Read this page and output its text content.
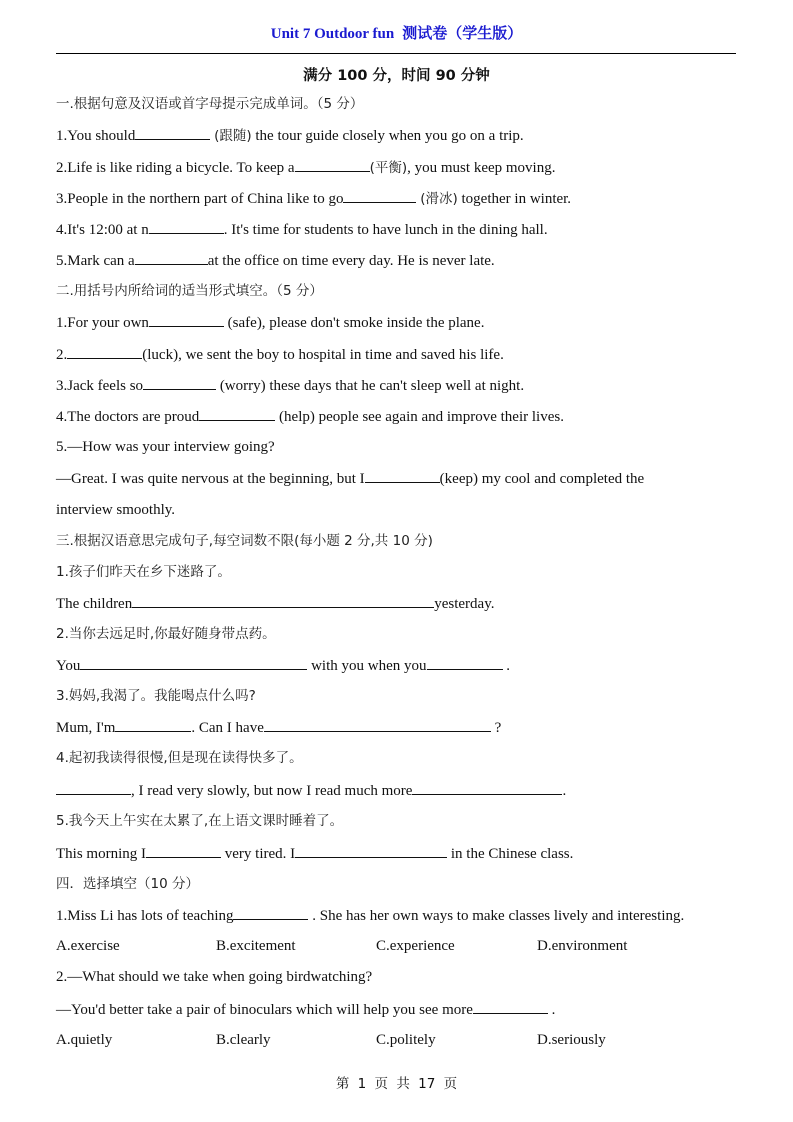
Unit 7 Outdoor fun 测试卷（学生版）
满分 100 分，时间 90 分钟
一.根据句意及汉语或首字母提示完成单词。（5 分）
1.You should	(跟随) the tour guide closely when you go on a trip.
2.Life is like riding a bicycle. To keep a	(平衡), you must keep moving.
3.People in the northern part of China like to go	(滑冰) together in winter.
4.It's 12:00 at n	. It's time for students to have lunch in the dining hall.
5.Mark can a	at the office on time every day. He is never late.
二.用括号内所给词的适当形式填空。（5 分）
1.For your own	(safe), please don't smoke inside the plane.
2.	(luck), we sent the boy to hospital in time and saved his life.
3.Jack feels so	(worry) these days that he can't sleep well at night.
4.The doctors are proud	(help) people see again and improve their lives.
5.—How was your interview going?
—Great. I was quite nervous at the beginning, but I	(keep) my cool and completed the
interview smoothly.
三.根据汉语意思完成句子,每空词数不限(每小题 2 分,共 10 分)
1.孩子们昨天在乡下迷路了。
The children	yesterday.
2.当你去远足时,你最好随身带点药。
You	with you when you	.
3.妈妈,我渴了。我能喝点什么吗?
Mum, I'm	. Can I have	?
4.起初我读得很慢,但是现在读得快多了。
, I read very slowly, but now I read much more	.
5.我今天上午实在太累了,在上语文课时睡着了。
This morning I	very tired. I	in the Chinese class.
四．选择填空（10 分）
1.Miss Li has lots of teaching	. She has her own ways to make classes lively and interesting.
A.exercise	B.excitement	C.experience	D.environment
2.—What should we take when going birdwatching?
—You'd better take a pair of binoculars which will help you see more	.
A.quietly	B.clearly	C.politely	D.seriously
第 1 页 共 17 页
